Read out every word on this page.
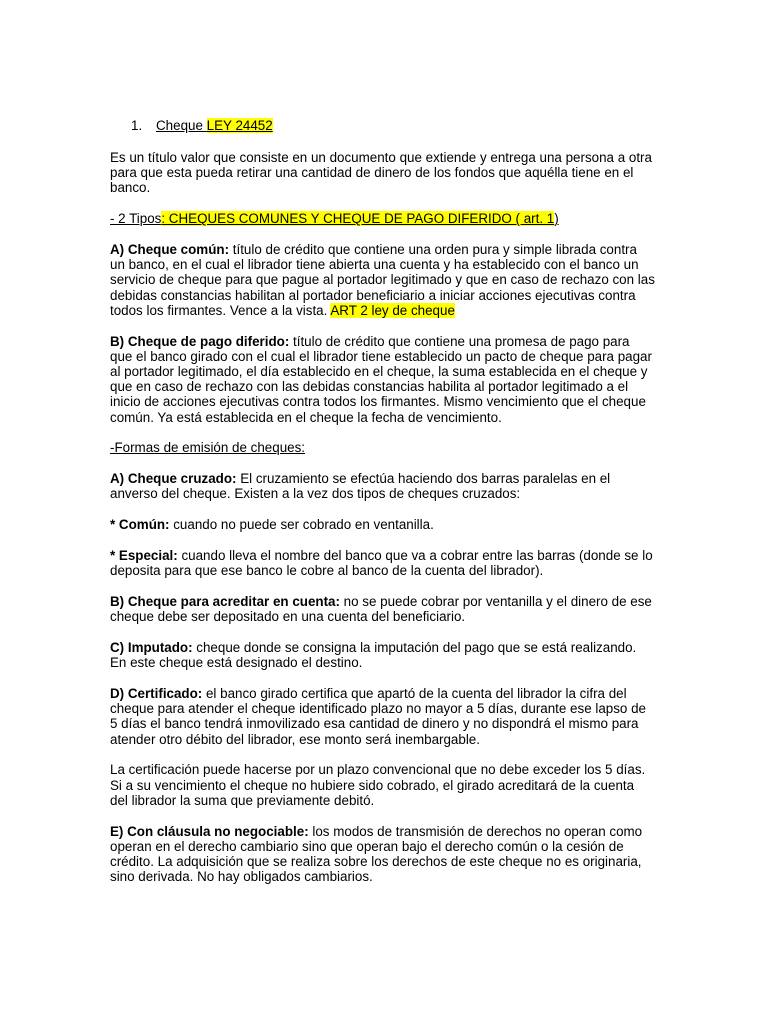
1. Cheque LEY 24452

Es un título valor que consiste en un documento que extiende y entrega una persona a otra para que esta pueda retirar una cantidad de dinero de los fondos que aquélla tiene en el banco.

- 2 Tipos: CHEQUES COMUNES Y CHEQUE DE PAGO DIFERIDO ( art. 1)

A) Cheque común: título de crédito que contiene una orden pura y simple librada contra un banco, en el cual el librador tiene abierta una cuenta y ha establecido con el banco un servicio de cheque para que pague al portador legitimado y que en caso de rechazo con las debidas constancias habilitan al portador beneficiario a iniciar acciones ejecutivas contra todos los firmantes. Vence a la vista. ART 2 ley de cheque

B) Cheque de pago diferido: título de crédito que contiene una promesa de pago para que el banco girado con el cual el librador tiene establecido un pacto de cheque para pagar al portador legitimado, el día establecido en el cheque, la suma establecida en el cheque y que en caso de rechazo con las debidas constancias habilita al portador legitimado a el inicio de acciones ejecutivas contra todos los firmantes. Mismo vencimiento que el cheque común. Ya está establecida en el cheque la fecha de vencimiento.

-Formas de emisión de cheques:

A) Cheque cruzado: El cruzamiento se efectúa haciendo dos barras paralelas en el anverso del cheque. Existen a la vez dos tipos de cheques cruzados:

* Común: cuando no puede ser cobrado en ventanilla.

* Especial: cuando lleva el nombre del banco que va a cobrar entre las barras (donde se lo deposita para que ese banco le cobre al banco de la cuenta del librador).

B) Cheque para acreditar en cuenta: no se puede cobrar por ventanilla y el dinero de ese cheque debe ser depositado en una cuenta del beneficiario.

C) Imputado: cheque donde se consigna la imputación del pago que se está realizando. En este cheque está designado el destino.

D) Certificado: el banco girado certifica que apartó de la cuenta del librador la cifra del cheque para atender el cheque identificado plazo no mayor a 5 días, durante ese lapso de 5 días el banco tendrá inmovilizado esa cantidad de dinero y no dispondrá el mismo para atender otro débito del librador, ese monto será inembargable.

La certificación puede hacerse por un plazo convencional que no debe exceder los 5 días. Si a su vencimiento el cheque no hubiere sido cobrado, el girado acreditará de la cuenta del librador la suma que previamente debitó.

E) Con cláusula no negociable: los modos de transmisión de derechos no operan como operan en el derecho cambiario sino que operan bajo el derecho común o la cesión de crédito. La adquisición que se realiza sobre los derechos de este cheque no es originaria, sino derivada. No hay obligados cambiarios.
